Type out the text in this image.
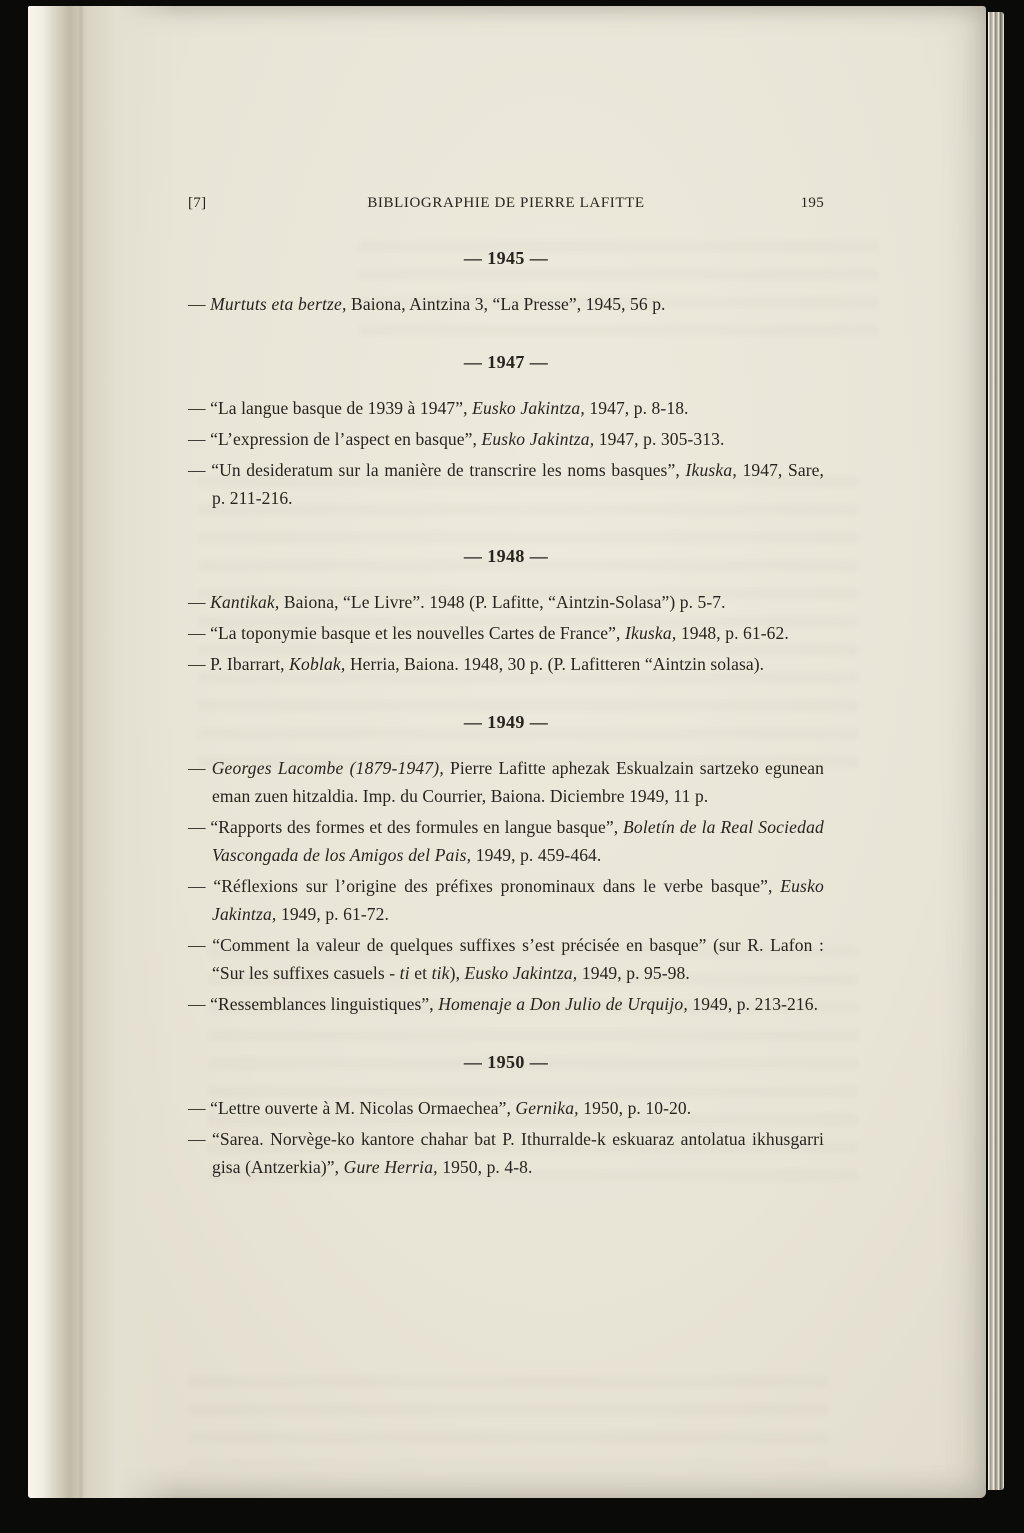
[7]	BIBLIOGRAPHIE DE PIERRE LAFITTE	195
— 1945 —

— Murtuts eta bertze, Baiona, Aintzina 3, “La Presse”, 1945, 56 p.

— 1947 —

— “La langue basque de 1939 à 1947”, Eusko Jakintza, 1947, p. 8-18.

— “L’expression de l’aspect en basque”, Eusko Jakintza, 1947, p. 305-313.

— “Un desideratum sur la manière de transcrire les noms basques”, Ikuska, 1947, Sare, p. 211-216.

— 1948 —

— Kantikak, Baiona, “Le Livre”. 1948 (P. Lafitte, “Aintzin-Solasa”) p. 5-7.

— “La toponymie basque et les nouvelles Cartes de France”, Ikuska, 1948, p. 61-62.

— P. Ibarrart, Koblak, Herria, Baiona. 1948, 30 p. (P. Lafitteren “Aintzin solasa).

— 1949 —

— Georges Lacombe (1879-1947), Pierre Lafitte aphezak Eskualzain sartzeko egunean eman zuen hitzaldia. Imp. du Courrier, Baiona. Diciembre 1949, 11 p.

— “Rapports des formes et des formules en langue basque”, Boletín de la Real Sociedad Vascongada de los Amigos del Pais, 1949, p. 459-464.

— “Réflexions sur l’origine des préfixes pronominaux dans le verbe basque”, Eusko Jakintza, 1949, p. 61-72.

— “Comment la valeur de quelques suffixes s’est précisée en basque” (sur R. Lafon : “Sur les suffixes casuels - ti et tik), Eusko Jakintza, 1949, p. 95-98.

— “Ressemblances linguistiques”, Homenaje a Don Julio de Urquijo, 1949, p. 213-216.

— 1950 —

— “Lettre ouverte à M. Nicolas Ormaechea”, Gernika, 1950, p. 10-20.

— “Sarea. Norvège-ko kantore chahar bat P. Ithurralde-k eskuaraz antolatua ikhusgarri gisa (Antzerkia)”, Gure Herria, 1950, p. 4-8.
